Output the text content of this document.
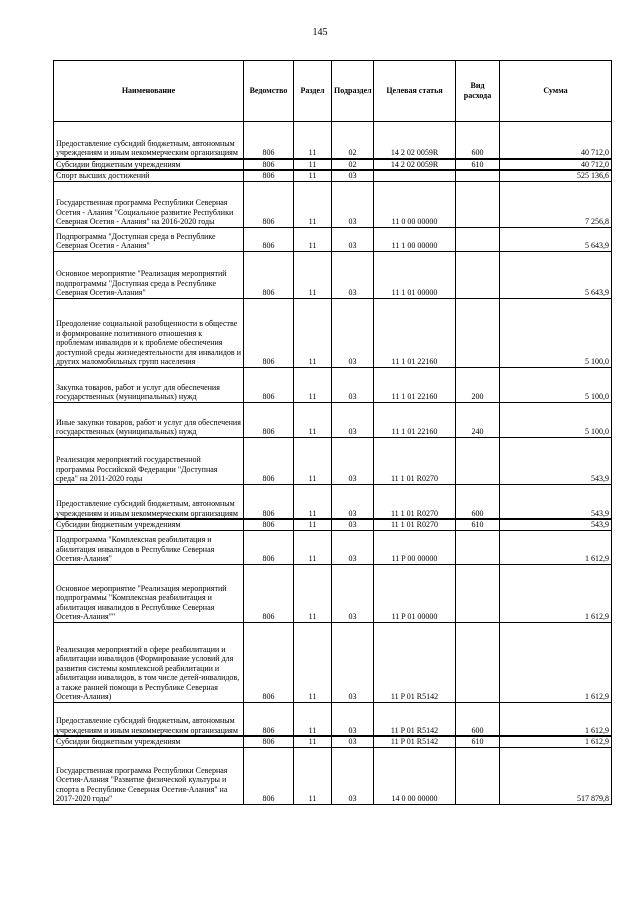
145
Наименование	Ведомство	Раздел	Подраздел	Целевая статья	Вид расхода	Сумма
Предоставление субсидий бюджетным, автономным учреждениям и иным некоммерческим организациям	806	11	02	14 2 02 0059R	600	40 712,0
Субсидии бюджетным учреждениям	806	11	02	14 2 02 0059R	610	40 712,0
Спорт высших достижений	806	11	03			525 136,6
Государственная программа Республики Северная Осетия - Алания "Социальное развитие Республики Северная Осетия - Алания" на 2016-2020 годы	806	11	03	11 0 00 00000		7 256,8
Подпрограмма "Доступная среда в Республике Северная Осетия - Алания"	806	11	03	11 1 00 00000		5 643,9
Основное мероприятие "Реализация мероприятий подпрограммы "Доступная среда в Республике Северная Осетия-Алания"	806	11	03	11 1 01 00000		5 643,9
Преодоление социальной разобщенности в обществе и формирование позитивного отношения к проблемам инвалидов и к проблеме обеспечения доступной среды жизнедеятельности для инвалидов и других маломобильных групп населения	806	11	03	11 1 01 22160		5 100,0
Закупка товаров, работ и услуг для обеспечения государственных (муниципальных) нужд	806	11	03	11 1 01 22160	200	5 100,0
Иные закупки товаров, работ и услуг для обеспечения государственных (муниципальных) нужд	806	11	03	11 1 01 22160	240	5 100,0
Реализация мероприятий государственной программы Российской Федерации "Доступная среда" на 2011-2020 годы	806	11	03	11 1 01 R0270		543,9
Предоставление субсидий бюджетным, автономным учреждениям и иным некоммерческим организациям	806	11	03	11 1 01 R0270	600	543,9
Субсидии бюджетным учреждениям	806	11	03	11 1 01 R0270	610	543,9
Подпрограмма "Комплексная реабилитация и абилитация инвалидов в Республике Северная Осетия-Алания"	806	11	03	11 P 00 00000		1 612,9
Основное мероприятие "Реализация мероприятий подпрограммы "Комплексная реабилитация и абилитация инвалидов в Республике Северная Осетия-Алания""	806	11	03	11 P 01 00000		1 612,9
Реализация мероприятий в сфере реабилитации и абилитации инвалидов (Формирование условий для развития системы комплексной реабилитации и абилитации инвалидов, в том числе детей-инвалидов, а также ранней помощи в Республике Северная Осетия-Алания)	806	11	03	11 P 01 R5142		1 612,9
Предоставление субсидий бюджетным, автономным учреждениям и иным некоммерческим организациям	806	11	03	11 P 01 R5142	600	1 612,9
Субсидии бюджетным учреждениям	806	11	03	11 P 01 R5142	610	1 612,9
Государственная программа Республики Северная Осетия-Алания "Развитие физической культуры и спорта в Республике Северная Осетия-Алания" на 2017-2020 годы"	806	11	03	14 0 00 00000		517 879,8
